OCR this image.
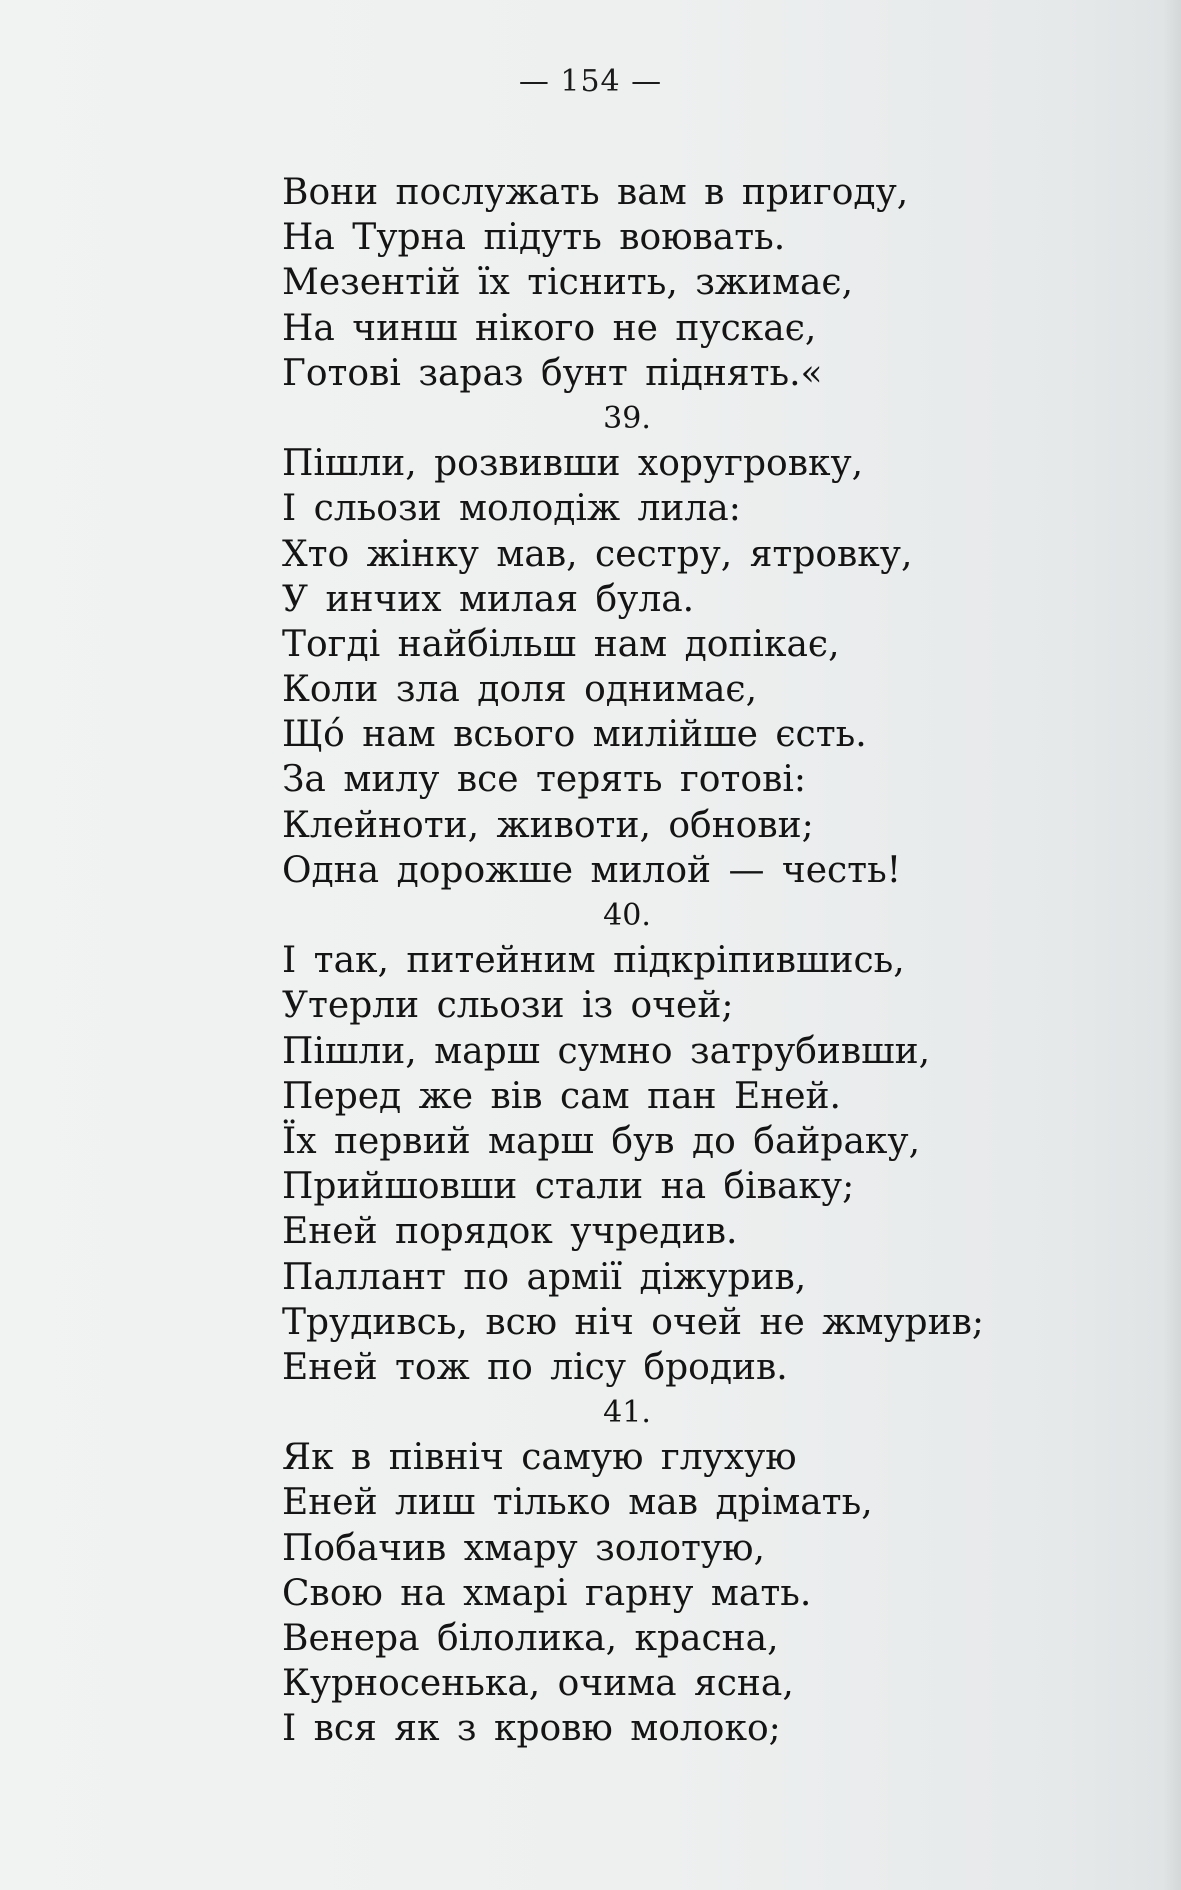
— 154 —
Вони послужать вам в пригоду,
На Турна підуть воювать.
Мезентій їх тіснить, зжимає,
На чинш нікого не пускає,
Готові зараз бунт піднять.«
39.
Пішли, розвивши хоругровку,
І сльози молодіж лила:
Хто жінку мав, сестру, ятровку,
У инчих милая була.
Тогді найбільш нам допікає,
Коли зла доля однимає,
Щó нам всього милійше єсть.
За милу все терять готові:
Клейноти, животи, обнови;
Одна дорожше милой — честь!
40.
І так, питейним підкріпившись,
Утерли сльози із очей;
Пішли, марш сумно затрубивши,
Перед же вів сам пан Еней.
Їх первий марш був до байраку,
Прийшовши стали на біваку;
Еней порядок учредив.
Паллант по армії діжурив,
Трудивсь, всю ніч очей не жмурив;
Еней тож по лісу бродив.
41.
Як в північ самую глухую
Еней лиш тілько мав дрімать,
Побачив хмару золотую,
Свою на хмарі гарну мать.
Венера білолика, красна,
Курносенька, очима ясна,
І вся як з кровю молоко;
